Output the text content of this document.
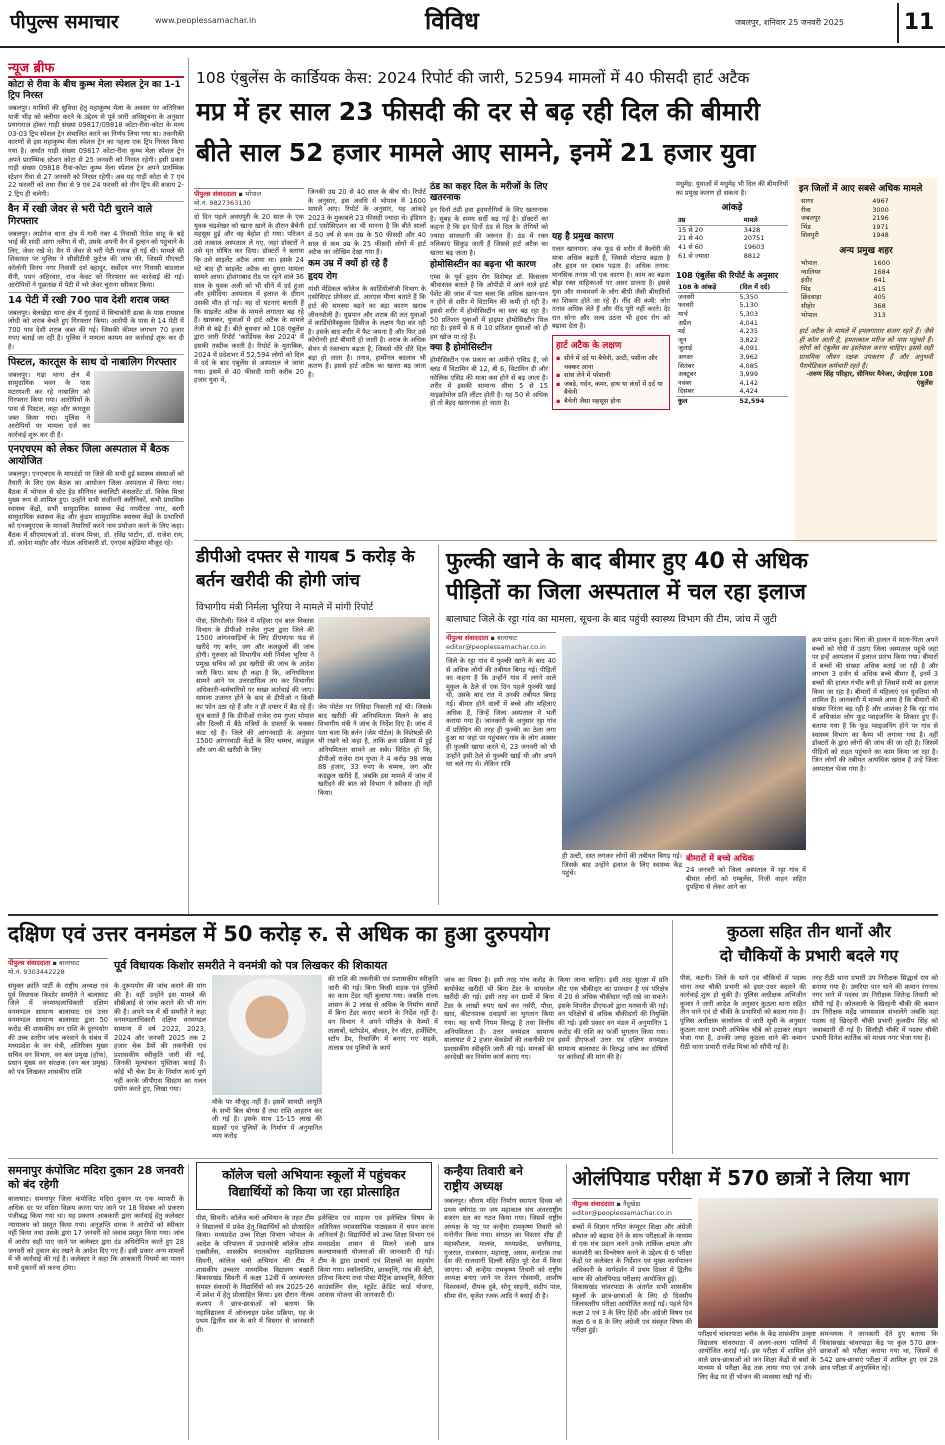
पीपुल्स समाचार	www.peoplessamachar.in	विविध	जबलपुर, शनिवार 25 जनवरी 2025	11
न्यूज ब्रीफ
कोटा से रीवा के बीच कुम्भ मेला स्पेशल ट्रेन का 1-1 ट्रिप निरस्त
जबलपुर। यात्रियों की सुविधा हेतु महाकुम्भ मेला के अवसर पर अतिरिक्त यात्री भीड़ को क्लीयर करने के उद्देश्य से पूर्व जारी अधिसूचना के अनुसार प्रयागराज होकर गाड़ी संख्या 09817/09818 कोटा-रीवा-कोटा के मध्य 03-03 ट्रिप स्पेशल ट्रेन संचालित करने का निर्णय लिया गया था। तकनीकी कारणों से इस महाकुम्भ मेला स्पेशल ट्रेन का पहला एक ट्रिप निरस्त किया गया है। अर्थात गाड़ी संख्या 09817 कोटा-रीवा कुम्भ मेला स्पेशल ट्रेन अपने प्रारम्भिक स्टेशन कोटा से 25 जनवरी को निरस्त रहेगी। इसी प्रकार गाड़ी संख्या 09818 रीवा-कोटा कुम्भ मेला स्पेशल ट्रेन अपने प्रारम्भिक स्टेशन रीवा से 27 जनवरी को निरस्त रहेगी। अब यह गाड़ी कोटा से 7 एवं 22 फरवरी को तथा रीवा से 9 एवं 24 फरवरी को तीन ट्रिप की बजाय 2-2 ट्रिप ही चलेगी।
वैन में रखी जेवर से भरी पेटी चुराने वाले गिरफ्तार
जबलपुर। लार्डगंज थाना क्षेत्र में गली नंबर 4 निवासी रितेश साहू के बड़े भाई की शादी आगा तलैया में थी, उसके अपनी वैन में दुल्हन को पहुंचाने के लिए, जेवर रखे थे। वैन में जेवर से भरी पेटी गायब हो गई थी। मामले की शिकायत पर पुलिस ने सीसीटीवी फुटेज की जांच की, जिसमें पीएचटी कॉलोनी विनय नगर निवासी दर्श बहादुर, सर्वोदय नगर निवासी बाडलाल सैनी, पवन अहिरवार, राज केवट को गिरफ्तार कर कार्रवाई की गई। आरोपियों ने पूछताछ में पेटी में भरे जेवर चुराना स्वीकार किया।
14 पेटी में रखी 700 पाव देशी शराब जब्त
जबलपुर। बेलखेड़ा थाना क्षेत्र में गुंदराई में सिचाकोरी ढाबा के पास रायसाब लोधी को शराब बेचते हुए गिरफ्तार किया। आरोपी के पास से 14 पेटी में 700 पाव देशी शराब जब्त की गई। जिसकी कीमत लगभग 70 हजार रुपए बताई जा रही है। पुलिस ने मामला कायम कर कार्रवाई शुरू कर दी है।
पिस्टल, कारतूस के साथ दो नाबालिग गिरफ्तार
जबलपुर। गढ़ा थाना क्षेत्र में सामुदायिक भवन के पास मटरगश्ती कर रहे नाबालिग को गिरफ्तार किया गया। आरोपियों के पास से पिस्टल, कट्टा और कारतूस जब्त किया गया। पुलिस ने आरोपियों पर मामला दर्ज कर कार्रवाई शुरू कर दी है।
एनएचएम को लेकर जिला अस्पताल में बैठक आयोजित
जबलपुर। एनएचएम के मापदंडों पर जिले की सभी हुई स्वास्थ्य संस्थाओं को तैयारी के लिए एक बैठक का आयोजन जिला अस्पताल में किया गया। बैठक में भोपाल से स्टेट हेड सीनियर क्वालिटी कंसलटेंट डॉ. विवेक मिश्रा मुख्य रूप से शामिल हुए। उन्होंने सभी संजीवनी क्लीनिकों, सभी प्राथमिक स्वास्थ्य केंद्रों, सभी सामुदायिक स्वास्थ्य केंद्र नगमीरस नगर, बरगी सामुदायिक स्वास्थ्य केंद्र और कुंडम सामुदायिक स्वास्थ्य केंद्रों के प्रभारियों को एनक्यूएएस के मानकों तैयारियों करने नाम प्रयोजन करने के लिए कहा। बैठक में सीएमएचओ डॉ. संजय मिश्रा, डॉ. रविंद्र पाटोन, डॉ. राजेश राय, डॉ. आदेश माहौर और नोडल अधिकारी डॉ. एनएस बहेडिया मौजूद रहे।
108 एंबुलेंस के कार्डियक केस: 2024 रिपोर्ट की जारी, 52594 मामलों में 40 फीसदी हार्ट अटैक
मप्र में हर साल 23 फीसदी की दर से बढ़ रही दिल की बीमारी
बीते साल 52 हजार मामले आए सामने, इनमें 21 हजार युवा
पीपुल्स संवाददाता ▪ भोपाल
मो.नं. 9827363130
दो दिन पहले अवधपुरी के 20 साल के एक युवक चंद्रशेखर को खाना खाने के दौरान बैचेनी महसूस हुई और वह बेहोश हो गया। परिजन उसे तत्काल अस्पताल ले गए, जहां डॉक्टरों ने उसे मृत घोषित कर दिया। डॉक्टरों ने बताया कि उसे साइलेंट अटैक आया था। इसके 24 घंटे बाद ही साइलेंट अटैक का दूसरा मामला सामने आया। होशंगाबाद रोड पर रहने वाले 36 साल के युवक अली को भी सीने में दर्द हुआ और हमीदिया अस्पताल में इलाज के दौरान उसकी मौत हो गई। यह दो घटनाएं बताती हैं कि साइलेंट अटैक के मामले लगातार बढ़ रहे हैं। खासकर, युवाओं में हार्ट अटैक के मामले तेजी से बढ़े हैं। बीते बुधवार को 108 एंबुलेंस द्वारा जारी रिपोर्ट 'कार्डियक केस 2024' में इसकी तस्दीक करती है। रिपोर्ट के मुताबिक, 2024 में प्रदेशभर में 52,594 लोगों को दिल में दर्द के बाद एंबुलेंस से अस्पताल ले जाया गया। इसमें से 40 फीसदी यानी करीब 20 हजार युवा थे,
जिनकी उम्र 20 से 40 साल के बीच थी। रिपोर्ट के अनुसार, इस अवधि में भोपाल में 1600 मामले आए। रिपोर्ट के अनुसार, यह आंकड़े 2023 के मुकाबले 23 फीसदी ज्यादा थे। इंडियन हार्ट एसोसिएशन का भी मानना है कि बीते सालों में 50 वर्ष से कम उम्र के 50 फीसदी और 40 साल से कम उम्र के 25 फीसदी लोगों में हार्ट अटैक का जोखिम देखा गया है।
कम उम्र में क्यों हो रहे हैं
हृदय रोग
गांधी मेडिकल कॉलेज के कार्डियोलॉजी विभाग के एसोसिएट प्रोफेसर डॉ. आरएस मीणा बताते हैं कि हार्ट की समस्या बढ़ने का बड़ा कारण खराब जीवनशैली है। धूम्रपान और शराब की लत युवाओं में कार्डियोवैस्कुलर डिसीज के लक्षण पैदा कर रही है। इसके बाद शरीर में फैट जमना है और फिर उसे कोरोनरी हार्ट बीमारी हो जाती है। शराब के अधिक सेवन से रक्तचाप बढ़ता है, जिससे धीरे धीरे दिल बड़ा हो जाता है। तनाव, हार्मोनल बदलाव भी कारण हैं। इससे हार्ट अटैक का खतरा बढ़ जाता है।
ठंड का कहर दिल के मरीजों के लिए खतरनाक
इन दिनों ठंडी हवा हृदयरोगियों के लिए खतरनाक है। सुबह के समय सर्दी बढ़ गई है। डॉक्टरों का कहना है कि इन दिनों ठंड से दिल के रोगियों को ज्यादा सावधानी की जरूरत है। ठंड में रक्त नलिकाएं सिकुड़ जाती हैं जिससे हार्ट अटैक का खतरा बढ़ जाता है।
होमोसिस्टीन का बढ़ना भी कारण
एम्स के पूर्व हृदय रोग विशेषज्ञ डॉ. किसलय श्रीवास्तव बताते हैं कि ओपीडी में आने वाले हार्ट पेशेंट की जांच में पता चला कि अधिक खान-पान न होने से शरीर में विटामिन की कमी हो रही है। इससे शरीर में होमोसिस्टीन का स्तर बढ़ रहा है। 50 प्रतिशत युवाओं में हाइपर होमोसिस्टीन मिल रहा है। इसमें से 8 से 10 प्रतिशत युवाओं को ही हम खोज पा रहे हैं।
क्या है होमोसिस्टीन
होमोसिस्टीन एक प्रकार का अमीनो एसिड है, जो ब्लड में विटामिन बी 12, बी 6, विटामिन डी और फोलिक एसिड की मात्रा कम होने से बढ़ जाता है। शरीर में इसकी सामान्य सीमा 5 से 15 माइक्रोमोल प्रति लीटर होती है। यह 50 से अधिक हो तो बेहद खतरनाक हो जाता है।
यह है प्रमुख कारण
गलत खानपान: जंक फूड से शरीर में कैलोरी की मात्रा अधिक बढ़ती है, जिससे मोटापा बढ़ता है और हृदय पर दबाव पड़ता है। अधिक तनाव: मानसिक तनाव भी एक कारण है। काम का बढ़ता बोझ रक्त वाहिकाओं पर असर डालता है। इससे युवा और मध्यमवर्ग के लोग बीपी जैसी बीमारियों का शिकार होते जा रहे हैं। नींद की कमी: लोग तनाव अधिक लेते हैं और नींद पूरी नहीं करते। देर रात सोना और जल्द उठना भी हृदय रोग को बढ़ावा देता है।
हार्ट अटैक के लक्षण
▪ सीने में दर्द या बैचेनी, उल्टी, पसीना और चक्कर आना
▪ सांस लेने में परेशानी
▪ जबड़े, गर्दन, कमर, हाथ या कंधों में दर्द या बैचेनी
▪ बैचेनी जैसा महसूस होना
मधुमेह: युवाओं में मधुमेह भी दिल की बीमारियों का प्रमुख कारण हो सकता है।
आंकड़े
उम्र	मामले
15 से 20	3428
21 से 40	20751
41 से 60	19603
61 से ज्यादा	8812
108 एंबुलेंस की रिपोर्ट के अनुसार
108 के आंकड़े	(दिल में दर्द)
जनवरी	5,350
फरवरी	5,130
मार्च	5,303
अप्रैल	4,041
मई	4,235
जून	3,822
जुलाई	4,091
अगस्त	3,962
सितंबर	4,085
अक्टूबर	3,999
नवंबर	4,142
दिसंबर	4,424
कुल	52,594
इन जिलों में आए सबसे अधिक मामले
सागर	4967
रीवा	3000
जबलपुर	2196
भिंड	1971
शिवपुरी	1948
अन्य प्रमुख शहर
भोपाल	1600
ग्वालियर	1684
इंदौर	641
भिंड	415
छिंदवाड़ा	405
सीहोर	368
भोपाल	313
हार्ट अटैक के मामले में हमलगातार सजग रहते हैं। जैसे ही कॉल आती है, हमतत्काल मरीज को पास पहुंचते हैं। लोगों को एंबुलेंस का इस्तेमाल करना चाहिए। इससे सही प्राथमिक जीवन रक्षक उपकरण हैं और अनुभवी पैरामेडिकल कर्मचारी रहते हैं।
-तरुण सिंह परिहार, सीनियर मैनेजर, जेएईएस 108 एंबुलेंस
डीपीओ दफ्तर से गायब 5 करोड़ के बर्तन खरीदी की होगी जांच
विभागीय मंत्री निर्मला भूरिया ने मामले में मांगी रिपोर्ट
पीसं, सिंगरौली। जिले में महिला एवं बाल विकास विभाग के डीपीओ राजेश गुप्ता द्वारा जिले की 1500 आंगनवाड़ियों के लिए डीएमएफ फंड से खरीदे गए बर्तन, जग और कलछुलों की जांच होगी। गुरुवार को विभागीय मंत्री निर्मला भूरिया ने प्रमुख सचिव को इस खरीदी की जांच के आदेश जारी किए। साथ ही कहा है कि, अनियमितता सामने आने पर उत्तरदायित्व तय कर विभागीय अधिकारी-कर्मचारियों पर सख्त कार्रवाई की जाए। मामला उजागर होने के बाद से डीपीओ न किसी का फोन उठा रहे हैं और न ही दफ्तर में बैठ रहे हैं। सूत्र बताते हैं कि डीपीओ राजेश राम गुप्ता भोपाल और दिल्ली में बैठे मंत्रियों के दफ्तरों के चक्कर काट रहे हैं। जिले की आंगनवाड़ी के अनुसार 1500 आंगनवाड़ी केंद्रों के लिए चम्मच, कड़छुल और जग की खरीदी के लिए
जेम पोर्टल पर निविदा निकाली गई थी। जिसके बाद खरीदी की अनियमितता मिलने के बाद विभागीय मंत्री ने जांच के निर्देश दिए हैं। जांच में पता चला कि बर्तन (जेम पोर्टल) के विशेषज्ञों की भी रखने को कहा है, ताकि क्रय प्रक्रिया में हुई अनियमितता सामने आ सके। विदित हो कि, डीपीओ राजेश राम गुप्ता ने 4 करोड़ 98 लाख 88 हजार, 33 रुपए के चम्मच, जग और कड़छुल खरीदे हैं, जबकि इस मामले में जांच में खरीदने की बात को विभाग ने स्वीकार ही नहीं किया।
फुल्की खाने के बाद बीमार हुए 40 से अधिक
पीड़ितों का जिला अस्पताल में चल रहा इलाज
बालाघाट जिले के रट्टा गांव का मामला, सूचना के बाद पहुंची स्वास्थ्य विभाग की टीम, जांच में जुटी
पीपुल्स संवाददाता ▪ बालाघाट
editor@peoplessamachar.co.in
जिले के रट्टा गांव में फुल्की खाने के बाद 40 से अधिक लोगों की तबीयत बिगड़ गई। पीड़ितों का कहना है कि उन्होंने गांव में लगने वाले मुकुल के ठेले से एक दिन पहले फुल्की खाई थी, उसके बाद रात में उनकी तबीयत बिगड़ गई। बीमार होने वालों में बच्चे और महिलाएं अधिक हैं, जिन्हें जिला अस्पताल में भर्ती कराया गया है। जानकारी के अनुसार रट्टा गांव में प्रतिदिन की तरह ही फुल्की का ठेला लगा हुआ था जहां पर पहुंचकर गांव के लोग अक्सर ही फुल्की खाया करते थे, 23 जनवरी को भी उन्होंने इसी ठेले से फुल्की खाई थी और अपने घर चले गए थे। लेकिन रात्रि
ही उल्टी, दस्त लगकर लोगों की तबीयत बिगड़ गई। जिसके बाद उन्होंने इलाज के लिए स्वास्थ्य केंद्र पहुंचे।
बीमारों में बच्चे अधिक
24 जनवरी को जिला अस्पताल में रट्टा गांव में बीमार लोगों को एम्बुलेंस, निजी वाहन सहित दुपहिया से लेकर आने का
क्रम प्रारंभ हुआ। चिंता की हालत में माता-पिता अपने बच्चों को गोदी में उठाए जिला अस्पताल पहुंचे जहां पर इन्हें अस्पताल में इलाज प्रारंभ किया गया। बीमारों में बच्चों की संख्या अधिक बताई जा रही है और लगभग 3 दर्जन से अधिक बच्चे बीमार हैं, इनमें 3 बच्चों की हालत गंभीर बनी हो जिसमें सभी का इलाज किया जा रहा है। बीमारों में महिलाएं एवं युवतियां भी शामिल हैं। जानकारी में मामले आया है कि बीमारों की संख्या निरंतर बढ़ रही है और आशंका है कि रट्टा गांव में अधिकांश लोग फूड प्वाइजनिंग के शिकार हुए हैं। बताया गया है कि फूड प्वाइजनिंग होने पर गांव से स्वास्थ्य विभाग का कैम्प भी लगाया गया है। वहीं डॉक्टरों के द्वारा लोगों की जांच की जा रही है। जिसमें पीड़ितों को राहत पहुंचाने का काम किया जा रहा है। जिन लोगों की तबीयत अत्यधिक खराब है उन्हें जिला अस्पताल भेजा गया है।
दक्षिण एवं उत्तर वनमंडल में 50 करोड़ रु. से अधिक का हुआ दुरुपयोग
पीपुल्स संवाददाता ▪ बालाघाट
मो.नं. 9303442228	पूर्व विधायक किशोर समरीते ने वनमंत्री को पत्र लिखकर की शिकायत
संयुक्त क्रांति पार्टी के राष्ट्रीय अध्यक्ष एवं पूर्व विधायक किशोर समरीते ने बालाघाट जिले में वनमण्डलाधिकारी दक्षिण वनमण्डल सामान्य बालाघाट एवं उत्तर वनमण्डल सामान्य बालाघाट द्वारा 50 करोड़ की शासकीय धन राशि के दुरुपयोग की उच्च स्तरीय जांच करवाने के संबंध में मध्यप्रदेश के वन मंत्री, अतिरिक्त मुख्य सचिव वन विभाग, वन बल प्रमुख (हॉफ), प्रधान मुख्य वन संरक्षक (वन बल प्रमुख) को पत्र लिखकर शासकीय राशि
के दुरूपयोग की जांच कराने की मांग की है। वहीं उन्होंने इस मामले की सीबीआई से जांच कराने की भी मांग की है। अपने पत्र में श्री समरीते ने कहा वनमण्डलाधिकारी दक्षिण वनमण्डल सामान्य में वर्ष 2022, 2023, 2024 और जनवरी 2025 तक 2 हजार चेक डैमों की तकनीकी एवं प्रशासकीय स्वीकृति जारी की गई, जिनकी मूल्यांकन पुस्तिका बनाई है। कोई भी चेक डैम के निर्माण कार्य पूर्ण नहीं करके जीपीएस सिस्टम का गलत प्रयोग करते हुए, लिखा गया।
मौके पर मौजूद नहीं है। इसमें सामग्री आपूर्ति के सभी बिल बोगस हैं तथा राशि आहरण कर ली गई है। इसके साथ 15-15 लाख की सड़कों एवं पुलियों के निर्माण में अनुमानित व्यय करोड़
की राशि की तकनीकी एवं प्रशासकीय स्वीकृति जारी की गई। बिना किसी सड़क एवं पुलियों का काम टेंडर नहीं बुलाया गया। जबकि राज्य शासन के 2 लाख से अधिक के निर्माण कार्यों में बिना टेंडर कराए कराने के निर्देश नहीं है। वन विभाग ने अपने परिक्षेत्र के कैम्पों में तालाबों, स्टॉपडेम, बोल्डर, रेन वॉटर, हार्वेस्टिंग, स्टॉप डैम, रिचार्जिंग में बनाए गए सड़कें, तालाब एवं पुलियों के कार्य
जांच का विषय है। इसी तरह पांच करोड़ के बायोवेस्ट खरीदी भी बिना टेंडर के वायरवेल खरीदी की गई। इसी तरह वन ग्रामों में बिना टेंडर के लाखों रुपए खर्च कर नर्सरी, पौधा, खाद, कीटनाशक दवाइयों का भुगतान किया गया। यह सभी नियम विरुद्ध है तथा वित्तीय अनियमितता है। उत्तर वनमंडल सामान्य बालाघाट में 2 हजार चेकडेमों की तकनीकी एवं प्रशासकीय स्वीकृति जारी की गई। मानकों की अनदेखी कर निर्माण कार्य कराए गए।
किया जाना चाहिए। इसी तरह सुरक्षा में प्रति वीट एक चौकीदार का प्रावधान है एवं परिक्षेत्र में 20 से अधिक चौकीदार नहीं रखे जा सकते। इसके विपरीत डीएफओ द्वारा मनमानी की गई। वन परिक्षेत्रों से अधिक चौकीदारों की नियुक्ति की गई। इसी प्रकार वन मंडल में अनुमानित 1 करोड़ की राशि का फर्जी भुगतान किया गया। इसमें डीएफओ उत्तर एवं दक्षिण वनमंडल सामान्य बालाघाट के विरुद्ध जांच कर दोषियों पर कार्रवाई की मांग की है।
कुठला सहित तीन थानों और
दो चौकियों के प्रभारी बदले गए
पीसं, कटनी। जिले के थाने एवं चौकियों में पदस्थ थाना तथा चौकी प्रभारी को इधर-उधर बदलने की कार्रवाई शुरू हो चुकी है। पुलिस अधीक्षक अभिजीत कुमार ने जारी आदेश के अनुसार कुठला थाना सहित तीन थाने एवं दो चौकी के प्रभारियों को बदला गया है। पुलिस अधीक्षक कार्यालय से जारी सूची के अनुसार कुठला थाना प्रभारी अभिषेक चौबे को हटाकर लाइन भेजा गया है, उनकी जगह कुठला थाने की कमान रीठी थाना प्रभारी राजेंद्र मिश्रा को सौंपी गई है।
तरह रीठी थाना प्रभारी उप निरीक्षक सिद्धार्थ राय को बनाया गया है। उमरिया पान थाने की कमान रंगनाथ नगर थाने में पदस्थ उप निरीक्षक जितेन्द्र तिवारी को सौंपी गई है। कोतवाली के खिरहनी चौकी की कमान उप निरीक्षक महेंद्र जायसवाल संभालेंगे जबकि वहां पदस्थ रहे खिरहनी चौकी प्रभारी कुलदीप सिंह को जवाबदारी दी गई है। सिलौड़ी चौकी में पदस्थ चौकी प्रभारी दिनेश कार्तिक को माधव नगर भेजा गया है।
समनापुर कंपोजिट मदिरा दुकान 28 जनवरी को बंद रहेगी
बालाघाट। समनापुर जिला कंपोजिट मदिरा दुकान पर एक व्यापारी के अधिक दर पर मदिरा विक्रय करना पाए जाने पर 18 दिसंबर को प्रकरण पंजीबद्ध किया गया था। यह प्रकरण आबकारी द्वारा कार्रवाई हेतु कलेक्टर न्यायालय को प्रस्तुत किया गया। अनुज्ञप्ति धारक ने आरोपों को स्वीकार नहीं किया तथा उसके द्वारा 17 जनवरी को जवाब प्रस्तुत किया गया। जांच में आरोप सही पाए जाने पर कलेक्टर द्वारा दंड अधिरोपित करते हुए 28 जनवरी को दुकान बंद रखने के आदेश दिए गए हैं। इसी प्रकार अन्य मामलों में भी कार्रवाई की गई है। कलेक्टर ने कहा कि आबकारी नियमों का पालन सभी दुकानों को करना होगा।
कॉलेज चलो अभियानः स्कूलों में पहुंचकर
विद्यार्थियों को किया जा रहा प्रोत्साहित
पीसं, सिवनी। कॉलेज चलो अभियान के तहत टीम ने विद्यालयों में प्रवेश हेतु विद्यार्थियों को प्रोत्साहित किया। मध्यप्रदेश उच्च शिक्षा विभाग भोपाल के आदेश के परिपालन में प्रधानमंत्री कॉलेज ऑफ एक्सीलेंस, शासकीय स्नातकोत्तर महाविद्यालय सिवनी, कॉलेज चलो अभियान की टीम ने शासकीय उच्चतर माध्यमिक विद्यालय बखारी बिकासखंड सिवनी में कक्षा 12वीं में अध्ययनरत समस्त संकायों के विद्यार्थियों को सत्र 2025-26 में प्रवेश में हेतु प्रोत्साहित किया। इस दौरान नीलम कश्यप ने छात्र-छात्राओं को बताया कि महाविद्यालय में ऑनलाइन प्रवेश प्रक्रिया, यह के प्रथम द्वितीय सत्र के बारे में विस्तार से जानकारी दी।
इलेक्टिव एवं माइनर एवं इलेक्टिव विषय के अतिरिक्त व्यावसायिक पाठ्यक्रम में चयन करना अनिवार्य है। विद्यार्थियों को उच्च शिक्षा विभाग एवं मध्यप्रदेश शासन से मिलने वाली छात्र कल्याणकारी योजनाओं की जानकारी दी गई। टीम के द्वारा प्राचार्य एवं शिक्षकों का सहयोग किया गया। स्कॉलरशिप, छात्रवृत्ति, गांव की बेटी, प्रतिभा किरण तथा पोस्ट मैट्रिक छात्रवृत्ति, कैरियर काउंसलिंग सेल, स्टूडेंट क्रेडिट कार्ड योजना, आवास योजना की जानकारी दी।
कन्हैया तिवारी बने
राष्ट्रीय अध्यक्ष
जबलपुर। श्रीराम मंदिर निर्माण स्थापना दिवस को प्रथम वर्षगांठ पर जय महाकाल संघ अंतरराष्ट्रीय बजरंग दल का गठन किया गया। जिसमें राष्ट्रीय अध्यक्ष के पद पर कन्हैया रामकृष्ण तिवारी को मनोनीत किया गया। संगठन का विस्तार शीघ्र ही महाकौशल, मालवा, मध्यप्रदेश, छत्तीसगढ़, गुजरात, राजस्थान, महाराष्ट्र, असम, कर्नाटक तथा देश की राजधानी दिल्ली सहित पूरे देश में किया जाएगा। श्री कन्हैया रामकृष्ण तिवारी को राष्ट्रीय अध्यक्ष बनाए जाने पर रोशन गोस्वामी, आशीष विश्वकर्मा, दीपक दुबे, सोनू साहनी, संदीप पाल, सीमा सेन, बृजेश रजक आदि ने बधाई दी है।
ओलंपियाड परीक्षा में 570 छात्रों ने लिया भाग
पीपुल्स संवाददाता ▪ नैदुखेड़ा
editor@peoplessamachar.co.in
बच्चों में विज्ञान गणित कंप्यूटर शिक्षा और अंग्रेजी कौशल को बढ़ावा देने के साथ परीक्षाओं के माध्यम से एक मंच प्रदान करने उनके तार्किक क्षमता और कमजोरी का विश्लेषण करने के उद्देश्य से 6 परीक्षा केंद्रों पर कलेक्टर के निर्देशन एवं मुख्य कार्यपालन अधिकारी के मार्गदर्शन में प्रथम दिवस में द्वितीय चरण की ओलंपियाड परीक्षाएं आयोजित हुई।
विकासखंड चांवरपाठा के अंतर्गत सभी शासकीय स्कूलों के छात्र-छात्राओं के लिए दो दिवसीय जिलास्तरीय परीक्षा आयोजित कराई गई। पहले दिन कक्षा 2 एवं 3 के लिए हिंदी और अंग्रेजी विषय एवं कक्षा 6 व 8 के लिए अंग्रेजी एवं संस्कृत विषय की परीक्षा हुई।	परीक्षार्थ चांवरपाठा ब्लॉक के केंद्र शासकीय उत्कृष्ट विद्यालय चांवरपाठा में अलग-अलग पालियों में आयोजित कराई गई। इस परीक्षा में शामिल होने वाले छात्र-छात्राओं को जन शिक्षा केंद्रों से बसों के माध्यम से परीक्षा केंद्र तक लाया गया एवं उनके लिए केंद्र पर ही भोजन की व्यवस्था रखी गई थी।
समन्वयक ने जानकारी देते हुए बताया कि विकासखंड चांवरपाठा केंद्र पर कुल 570 छात्र-छात्राओं को परीक्षा कराया गया था, जिसमें से 542 छात्र-छात्राएं परीक्षा में शामिल हुए एवं 28 छात्र परीक्षा में अनुपस्थित रहे।
